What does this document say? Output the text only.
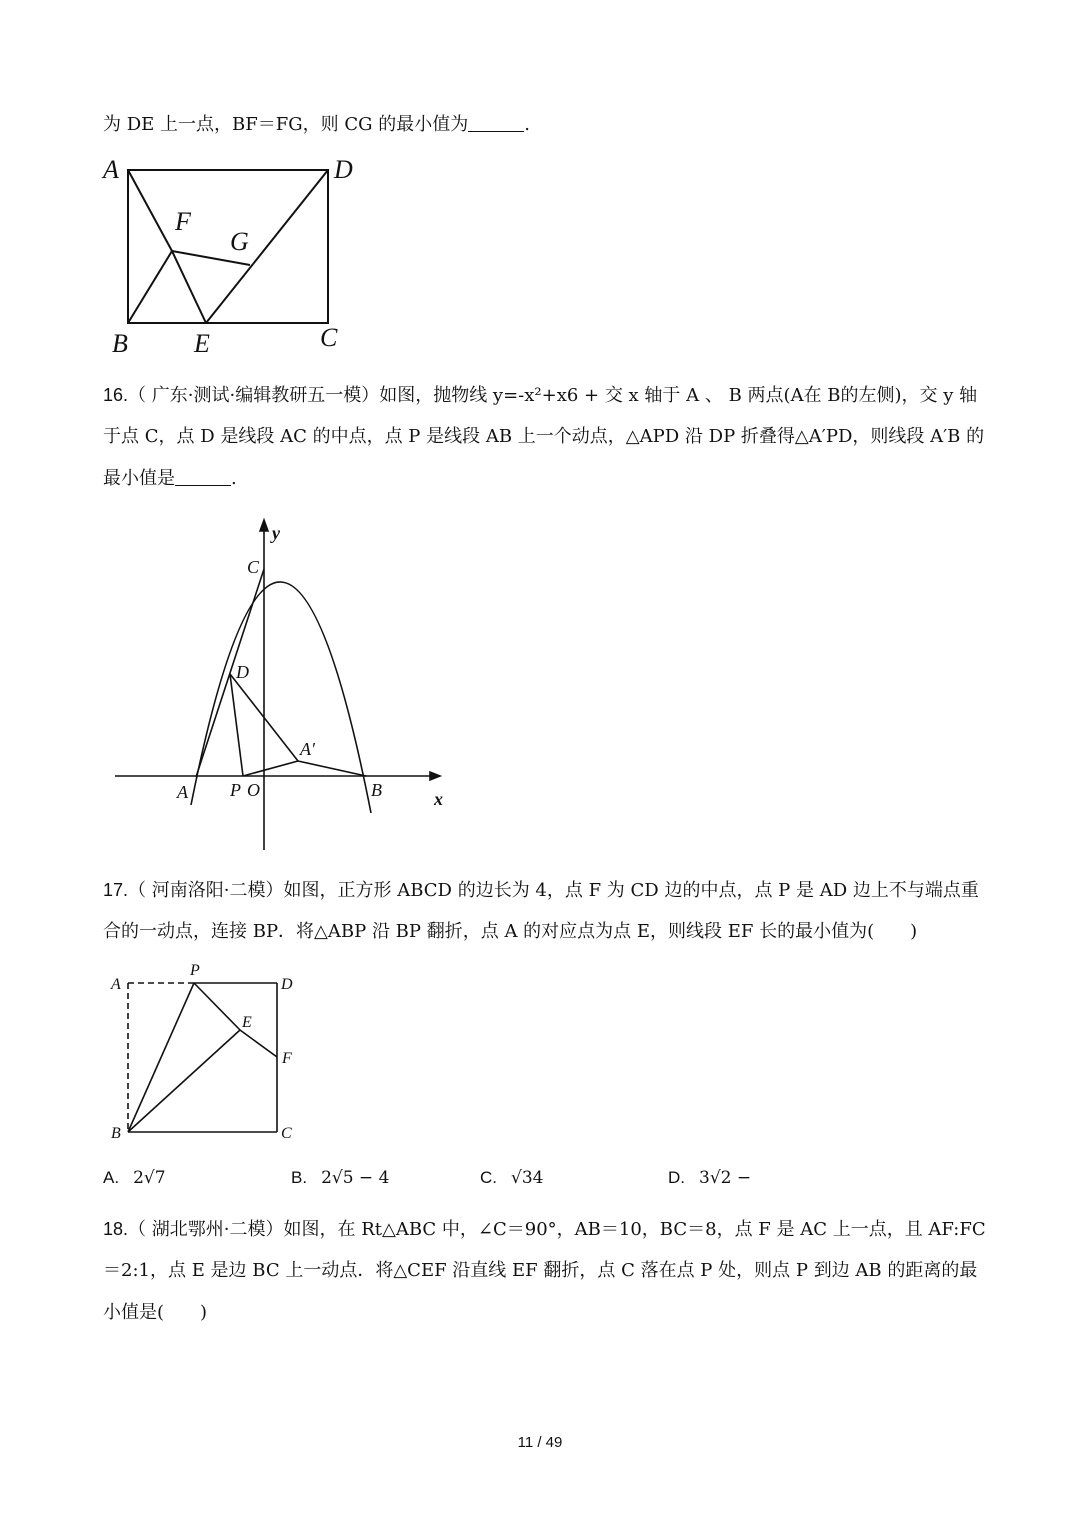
为 DE 上一点，BF＝FG，则 CG 的最小值为	.
A	D
F
G
B	E	C
16.（ 广东·测试·编辑教研五一模）如图，抛物线 y=-x²+x6 + 交 x 轴于 A 、 B 两点(A在 B的左侧)，交 y 轴
于点 C，点 D 是线段 AC 的中点，点 P 是线段 AB 上一个动点，△APD 沿 DP 折叠得△A′PD，则线段 A′B 的
最小值是	.
y
C
D
A′
A P O	B	x
17.（ 河南洛阳·二模）如图，正方形 ABCD 的边长为 4，点 F 为 CD 边的中点，点 P 是 AD 边上不与端点重
合的一动点，连接 BP．将△ABP 沿 BP 翻折，点 A 的对应点为点 E，则线段 EF 长的最小值为(　　)
A
P
D
E
F
B	C
A. 2√7	B. 2√5 − 4	C. √34	D. 3√2 −
18.（ 湖北鄂州·二模）如图，在 Rt△ABC 中，∠C＝90°，AB＝10，BC＝8，点 F 是 AC 上一点，且 AF:FC
＝2:1，点 E 是边 BC 上一动点．将△CEF 沿直线 EF 翻折，点 C 落在点 P 处，则点 P 到边 AB 的距离的最
小值是(　　)
11 / 49
